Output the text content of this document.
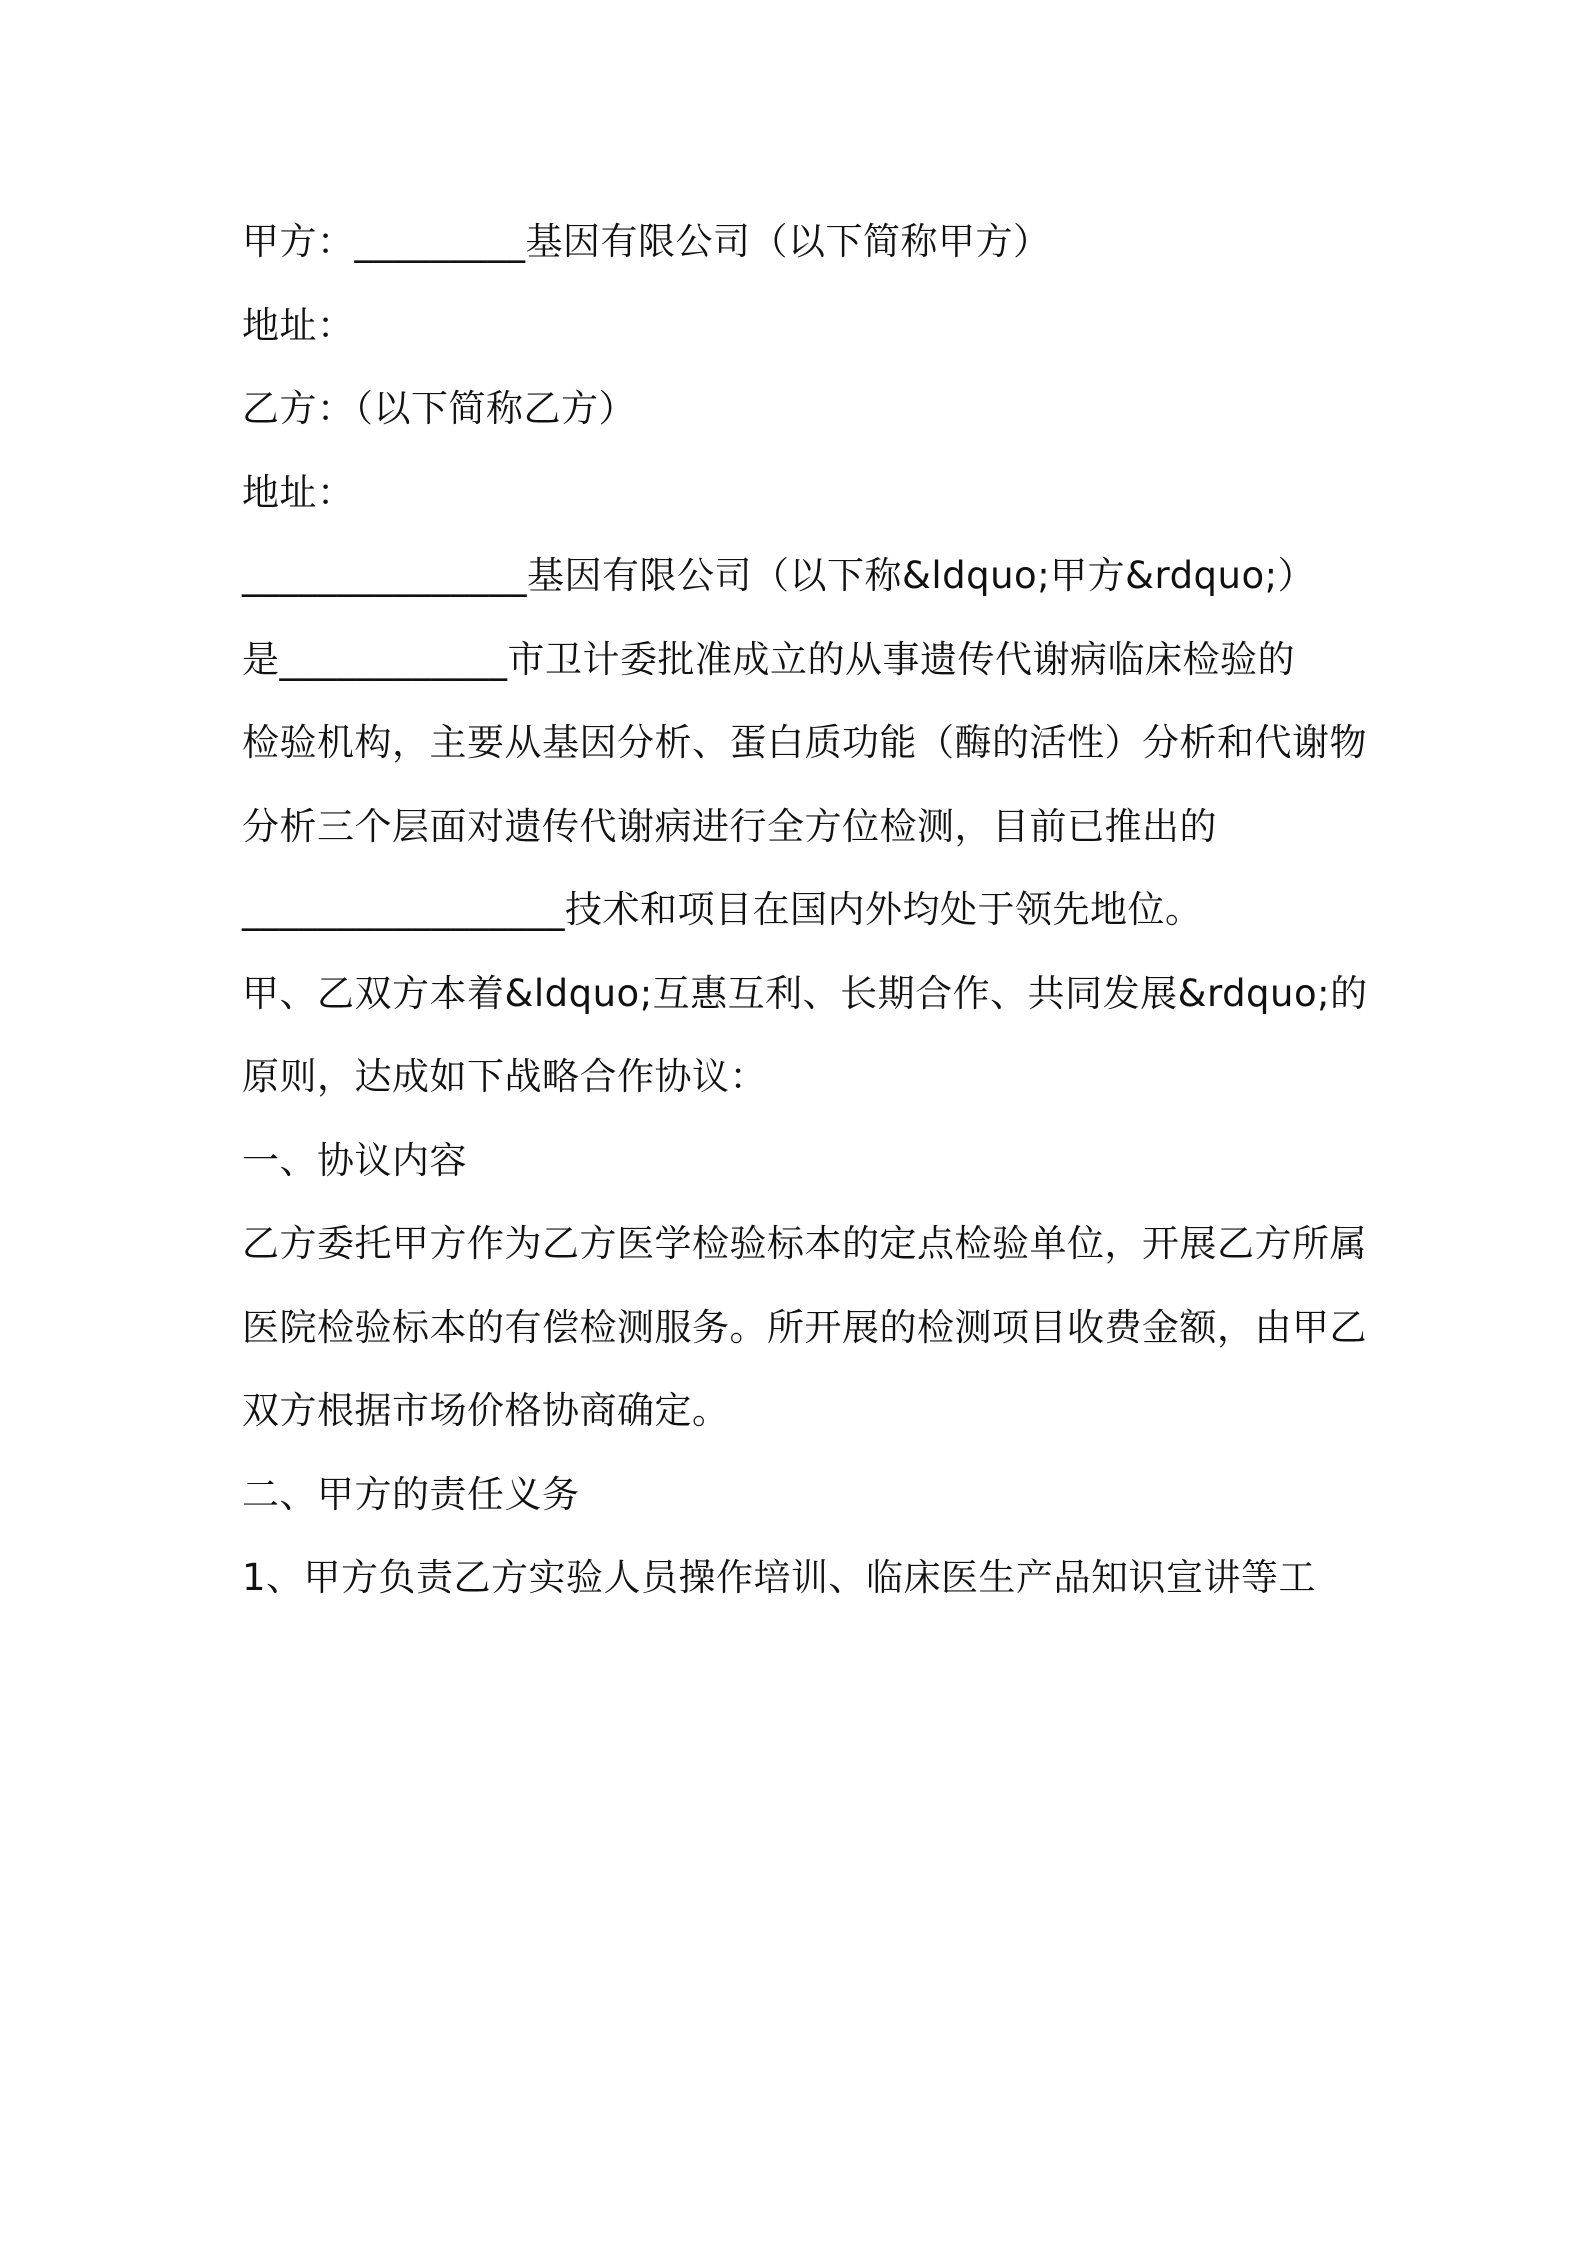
甲方：_________基因有限公司（以下简称甲方）
地址：
乙方：（以下简称乙方）
地址：
_______________基因有限公司（以下称&ldquo;甲方&rdquo;）
是____________市卫计委批准成立的从事遗传代谢病临床检验的
检验机构，主要从基因分析、蛋白质功能（酶的活性）分析和代谢物
分析三个层面对遗传代谢病进行全方位检测，目前已推出的
_________________技术和项目在国内外均处于领先地位。
甲、乙双方本着&ldquo;互惠互利、长期合作、共同发展&rdquo;的
原则，达成如下战略合作协议：
一、协议内容
乙方委托甲方作为乙方医学检验标本的定点检验单位，开展乙方所属
医院检验标本的有偿检测服务。所开展的检测项目收费金额，由甲乙
双方根据市场价格协商确定。
二、甲方的责任义务
1、甲方负责乙方实验人员操作培训、临床医生产品知识宣讲等工
